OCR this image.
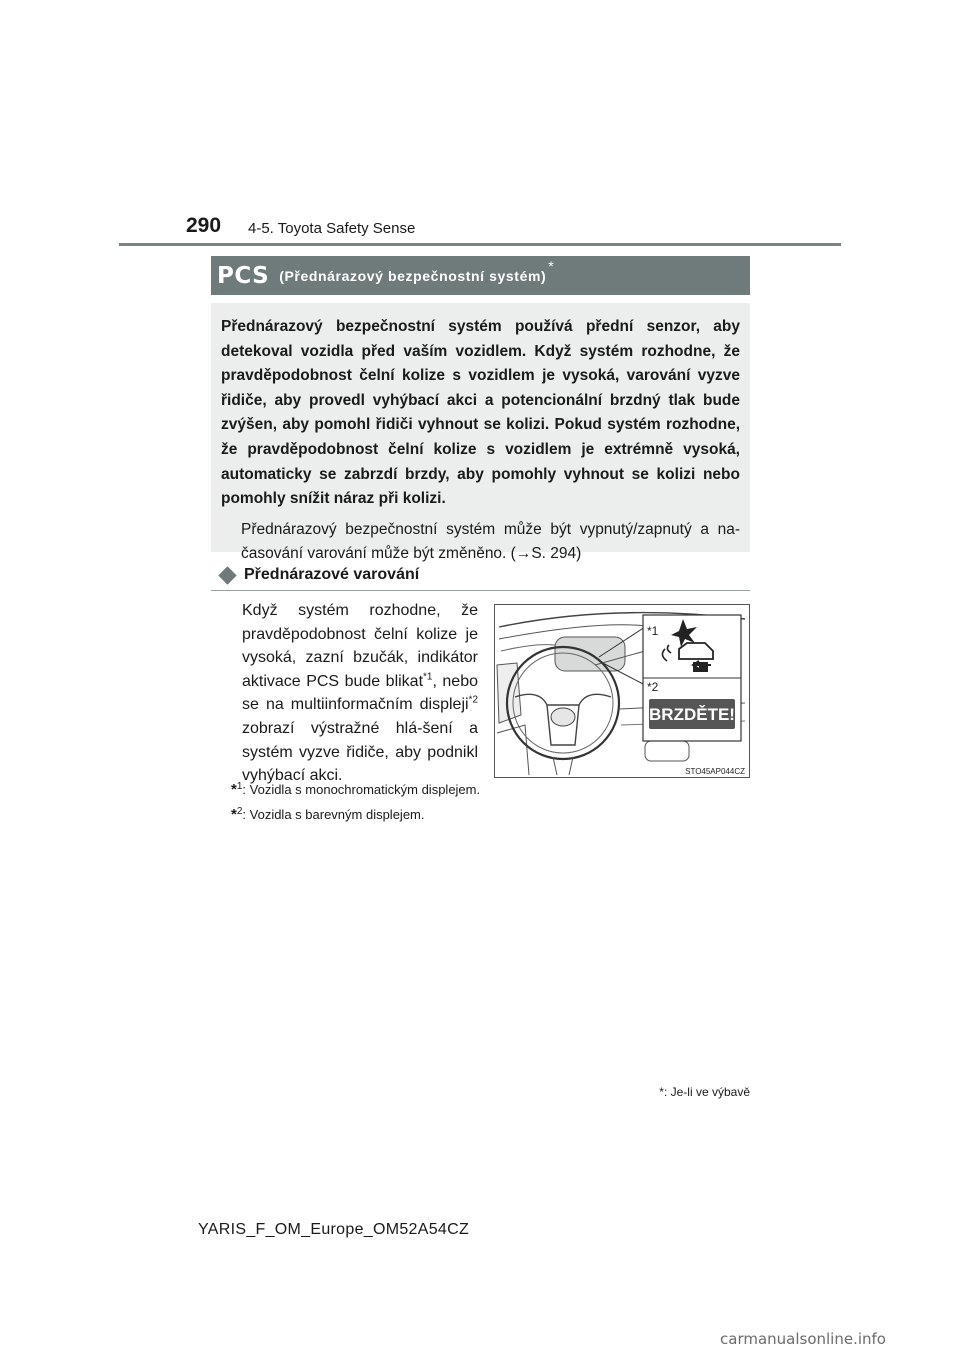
290 4-5. Toyota Safety Sense
PCS (Přednárazový bezpečnostní systém)
*
Přednárazový bezpečnostní systém používá přední senzor, aby detekoval vozidla před vaším vozidlem. Když systém rozhodne, že pravděpodobnost čelní kolize s vozidlem je vysoká, varování vyzve řidiče, aby provedl vyhýbací akci a potencionální brzdný tlak bude zvýšen, aby pomohl řidiči vyhnout se kolizi. Pokud systém rozhodne, že pravděpodobnost čelní kolize s vozidlem je extrémně vysoká, automaticky se zabrzdí brzdy, aby pomohly vyhnout se kolizi nebo pomohly snížit náraz při kolizi.
Přednárazový bezpečnostní systém může být vypnutý/zapnutý a na-časování varování může být změněno. (→S. 294)
Přednárazové varování
Když systém rozhodne, že pravděpodobnost čelní kolize je vysoká, zazní bzučák, indikátor aktivace PCS bude blikat$^{*1}$, nebo se na multiinformačním displeji$^{*2}$ zobrazí výstražné hlá-šení a systém vyzve řidiče, aby podnikl vyhýbací akci.
BRZDĚTE!
*1
*2
STO45AP044CZ
*$^1$: Vozidla s monochromatickým displejem.
*$^2$: Vozidla s barevným displejem.
*: Je-li ve výbavě
YARIS_F_OM_Europe_OM52A54CZ
carmanualsonline.info
